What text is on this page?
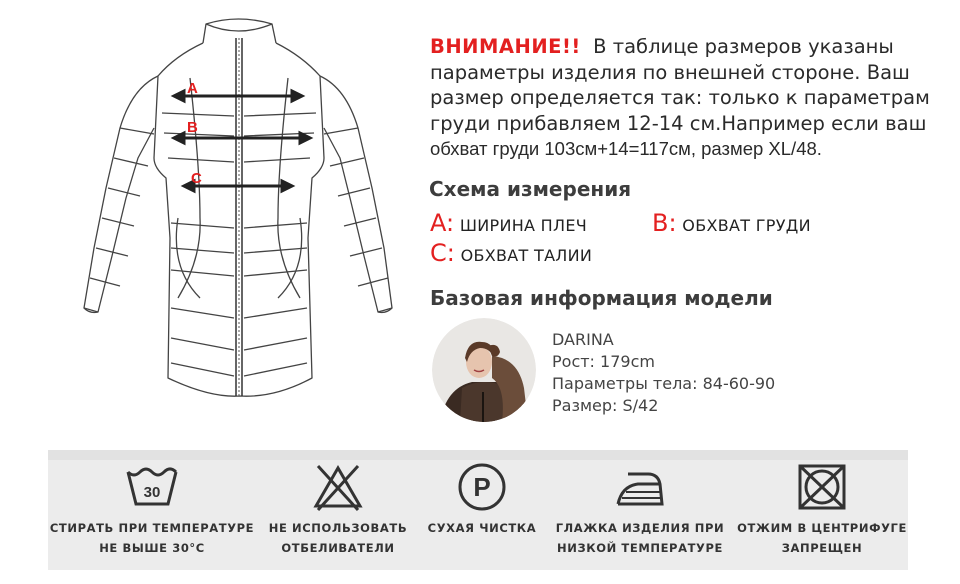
A
B
C
ВНИМАНИЕ!! В таблице размеров указаны
параметры изделия по внешней стороне. Ваш
размер определяется так: только к параметрам
груди прибавляем 12-14 см.Например если ваш
обхват груди 103см+14=117см, размер XL/48.
Схема измерения
A: ШИРИНА ПЛЕЧ	B: ОБХВАТ ГРУДИ
C: ОБХВАТ ТАЛИИ
Базовая информация модели
DARINA
Рост: 179cm
Параметры тела: 84-60-90
Размер: S/42
30
СТИРАТЬ ПРИ ТЕМПЕРАТУРЕ
НЕ ВЫШЕ 30°C
НЕ ИСПОЛЬЗОВАТЬ
ОТБЕЛИВАТЕЛИ
P
СУХАЯ ЧИСТКА	ГЛАЖКА ИЗДЕЛИЯ ПРИ
НИЗКОЙ ТЕМПЕРАТУРЕ
ОТЖИМ В ЦЕНТРИФУГЕ
ЗАПРЕЩЕН
